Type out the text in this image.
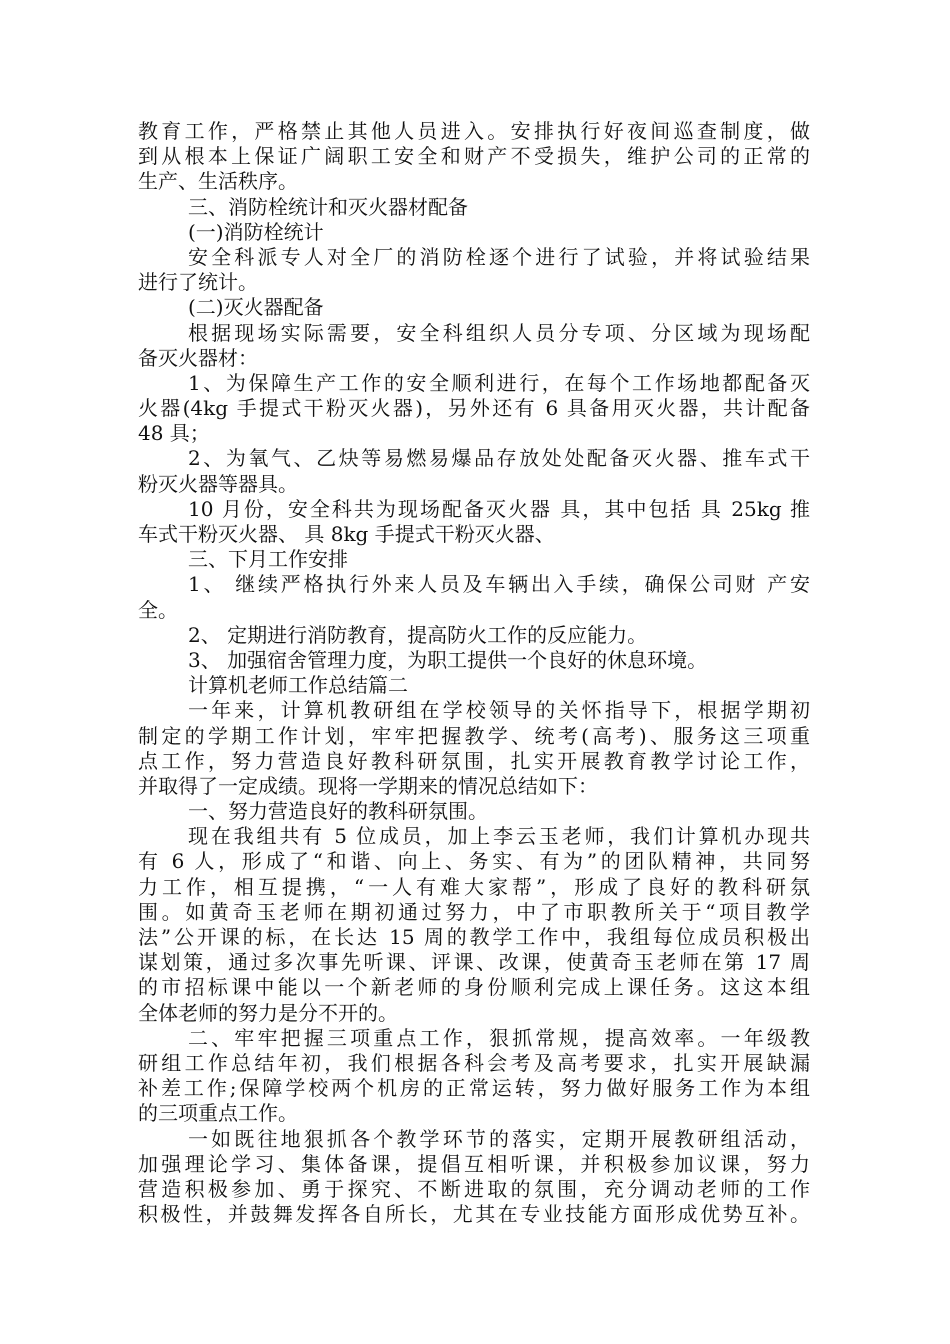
教育工作，严格禁止其他人员进入。安排执行好夜间巡查制度，做
到从根本上保证广阔职工安全和财产不受损失，维护公司的正常的
生产、生活秩序。
三、消防栓统计和灭火器材配备
(一)消防栓统计
安全科派专人对全厂的消防栓逐个进行了试验，并将试验结果
进行了统计。
(二)灭火器配备
根据现场实际需要，安全科组织人员分专项、分区域为现场配
备灭火器材：
1、为保障生产工作的安全顺利进行，在每个工作场地都配备灭
火器(4kg 手提式干粉灭火器)，另外还有 6 具备用灭火器，共计配备
48 具；
2、为氧气、乙炔等易燃易爆品存放处处配备灭火器、推车式干
粉灭火器等器具。
10 月份，安全科共为现场配备灭火器 具，其中包括 具 25kg 推
车式干粉灭火器、 具 8kg 手提式干粉灭火器、
三、下月工作安排
1、 继续严格执行外来人员及车辆出入手续，确保公司财 产安
全。
2、 定期进行消防教育，提高防火工作的反应能力。
3、 加强宿舍管理力度，为职工提供一个良好的休息环境。
计算机老师工作总结篇二
一年来，计算机教研组在学校领导的关怀指导下，根据学期初
制定的学期工作计划，牢牢把握教学、统考(高考)、服务这三项重
点工作，努力营造良好教科研氛围，扎实开展教育教学讨论工作，
并取得了一定成绩。现将一学期来的情况总结如下：
一、努力营造良好的教科研氛围。
现在我组共有 5 位成员，加上李云玉老师，我们计算机办现共
有 6 人，形成了“和谐、向上、务实、有为”的团队精神，共同努
力工作，相互提携，“一人有难大家帮”，形成了良好的教科研氛
围。如黄奇玉老师在期初通过努力，中了市职教所关于“项目教学
法”公开课的标，在长达 15 周的教学工作中，我组每位成员积极出
谋划策，通过多次事先听课、评课、改课，使黄奇玉老师在第 17 周
的市招标课中能以一个新老师的身份顺利完成上课任务。这这本组
全体老师的努力是分不开的。
二、牢牢把握三项重点工作，狠抓常规，提高效率。一年级教
研组工作总结年初，我们根据各科会考及高考要求，扎实开展缺漏
补差工作;保障学校两个机房的正常运转，努力做好服务工作为本组
的三项重点工作。
一如既往地狠抓各个教学环节的落实，定期开展教研组活动，
加强理论学习、集体备课，提倡互相听课，并积极参加议课，努力
营造积极参加、勇于探究、不断进取的氛围，充分调动老师的工作
积极性，并鼓舞发挥各自所长，尤其在专业技能方面形成优势互补。
